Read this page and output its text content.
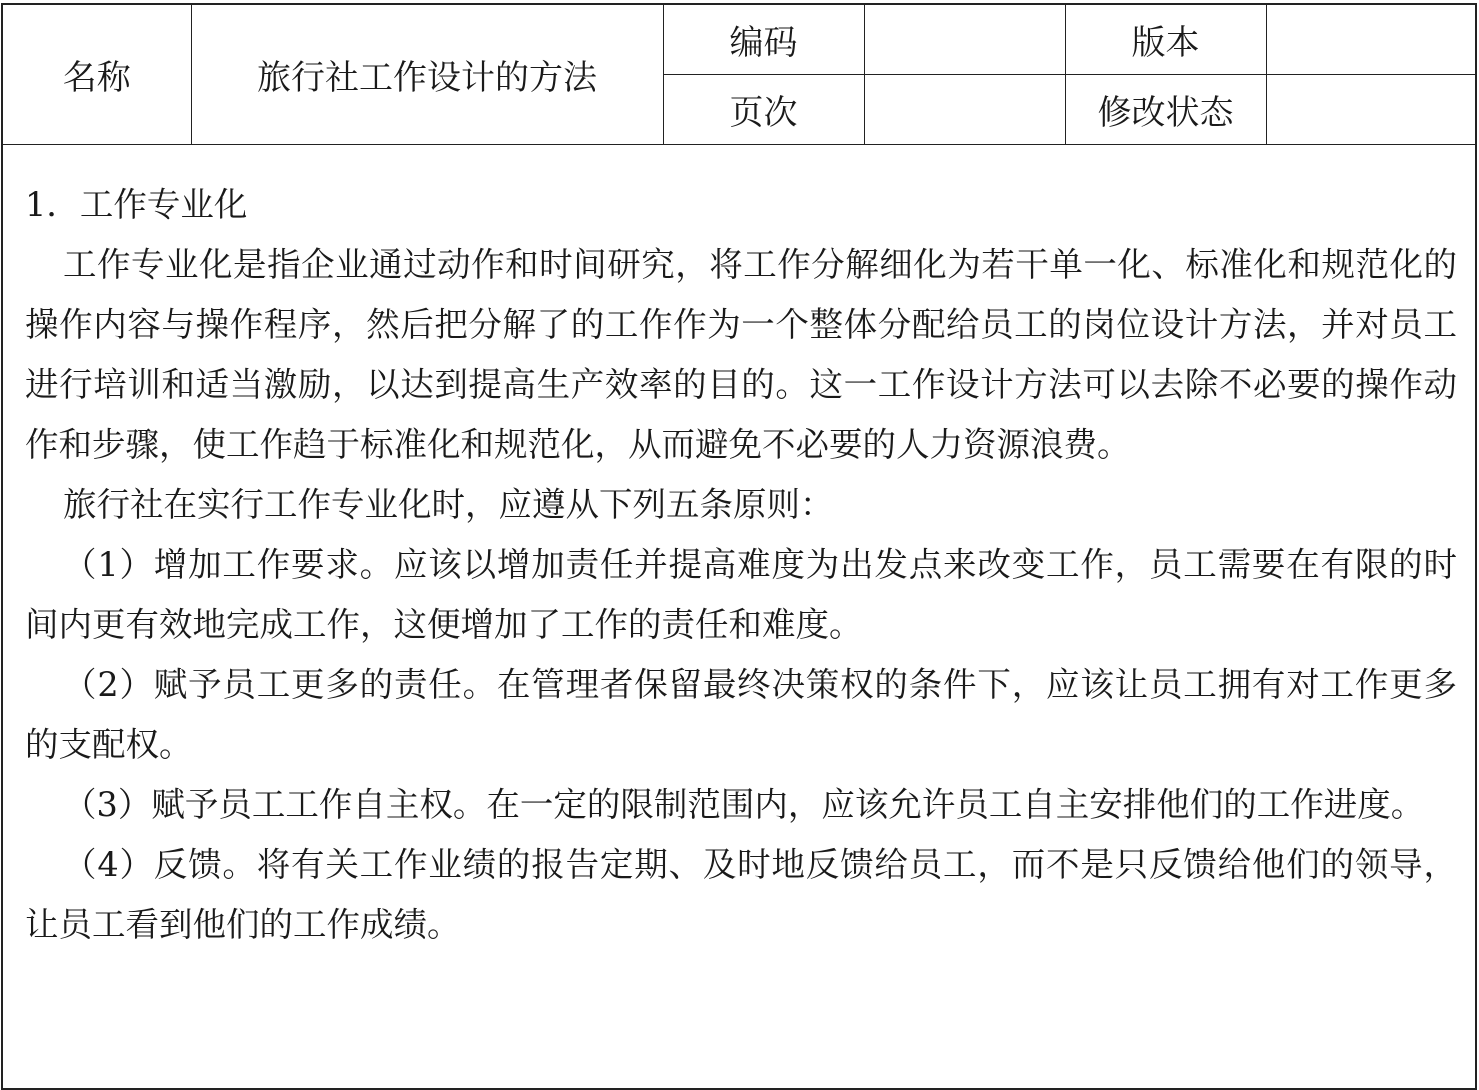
名称	旅行社工作设计的方法	编码		版本	
		页次		修改状态	

1．工作专业化

工作专业化是指企业通过动作和时间研究，将工作分解细化为若干单一化、标准化和规范化的操作内容与操作程序，然后把分解了的工作作为一个整体分配给员工的岗位设计方法，并对员工进行培训和适当激励，以达到提高生产效率的目的。这一工作设计方法可以去除不必要的操作动作和步骤，使工作趋于标准化和规范化，从而避免不必要的人力资源浪费。

旅行社在实行工作专业化时，应遵从下列五条原则：

（1）增加工作要求。应该以增加责任并提高难度为出发点来改变工作，员工需要在有限的时间内更有效地完成工作，这便增加了工作的责任和难度。

（2）赋予员工更多的责任。在管理者保留最终决策权的条件下，应该让员工拥有对工作更多的支配权。

（3）赋予员工工作自主权。在一定的限制范围内，应该允许员工自主安排他们的工作进度。

（4）反馈。将有关工作业绩的报告定期、及时地反馈给员工，而不是只反馈给他们的领导，让员工看到他们的工作成绩。
